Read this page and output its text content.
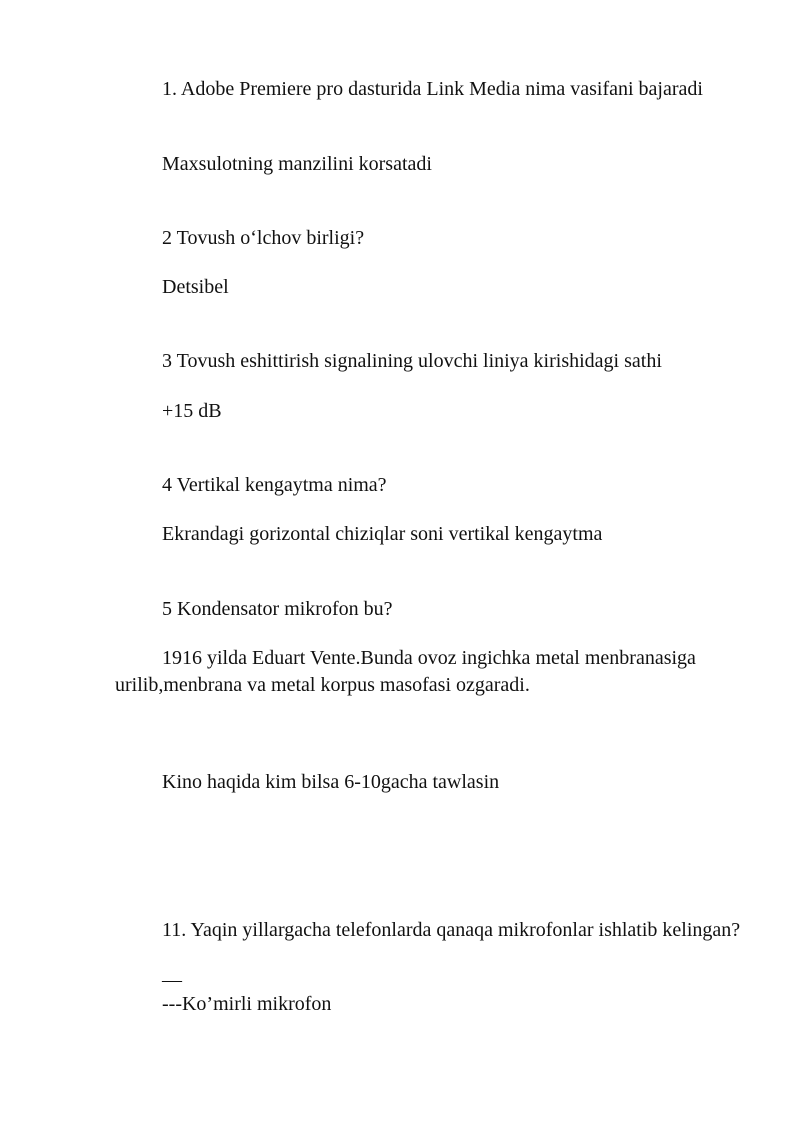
1. Adobe Premiere pro dasturida Link Media nima vasifani bajaradi

Maxsulotning manzilini korsatadi

2 Tovush o‘lchov birligi?

Detsibel

3 Tovush eshittirish signalining ulovchi liniya kirishidagi sathi

+15 dB

4 Vertikal kengaytma nima?

Ekrandagi gorizontal chiziqlar soni vertikal kengaytma

5 Kondensator mikrofon bu?

1916 yilda Eduart Vente.Bunda ovoz ingichka metal menbranasiga urilib,menbrana va metal korpus masofasi ozgaradi.

Kino haqida kim bilsa 6-10gacha tawlasin

11. Yaqin yillargacha telefonlarda qanaqa mikrofonlar ishlatib kelingan?

—

---Ko’mirli mikrofon
